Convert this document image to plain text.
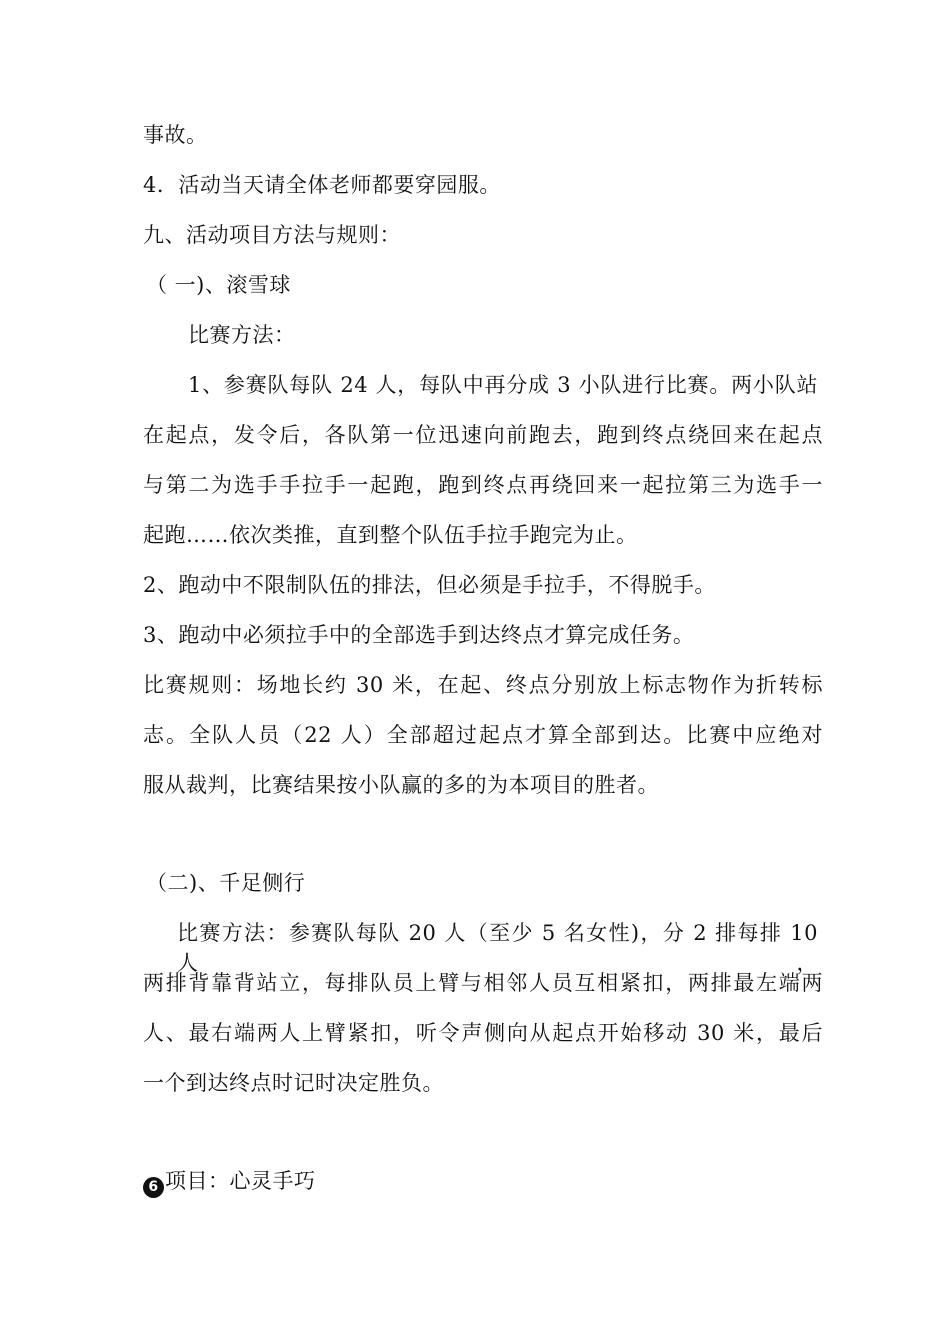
事故。
4．活动当天请全体老师都要穿园服。
九、活动项目方法与规则：
（ 一)、滚雪球
比赛方法：
1、参赛队每队 24 人，每队中再分成 3 小队进行比赛。两小队站
在起点，发令后，各队第一位迅速向前跑去，跑到终点绕回来在起点
与第二为选手手拉手一起跑，跑到终点再绕回来一起拉第三为选手一
起跑……依次类推，直到整个队伍手拉手跑完为止。
2、跑动中不限制队伍的排法，但必须是手拉手，不得脱手。
3、跑动中必须拉手中的全部选手到达终点才算完成任务。
比赛规则：场地长约 30 米，在起、终点分别放上标志物作为折转标
志。全队人员（22 人）全部超过起点才算全部到达。比赛中应绝对
服从裁判，比赛结果按小队赢的多的为本项目的胜者。
（二)、千足侧行
比赛方法：参赛队每队 20 人（至少 5 名女性)，分 2 排每排 10 人，
两排背靠背站立，每排队员上臂与相邻人员互相紧扣，两排最左端两
人、最右端两人上臂紧扣，听令声侧向从起点开始移动 30 米，最后
一个到达终点时记时决定胜负。
6 项目：心灵手巧
